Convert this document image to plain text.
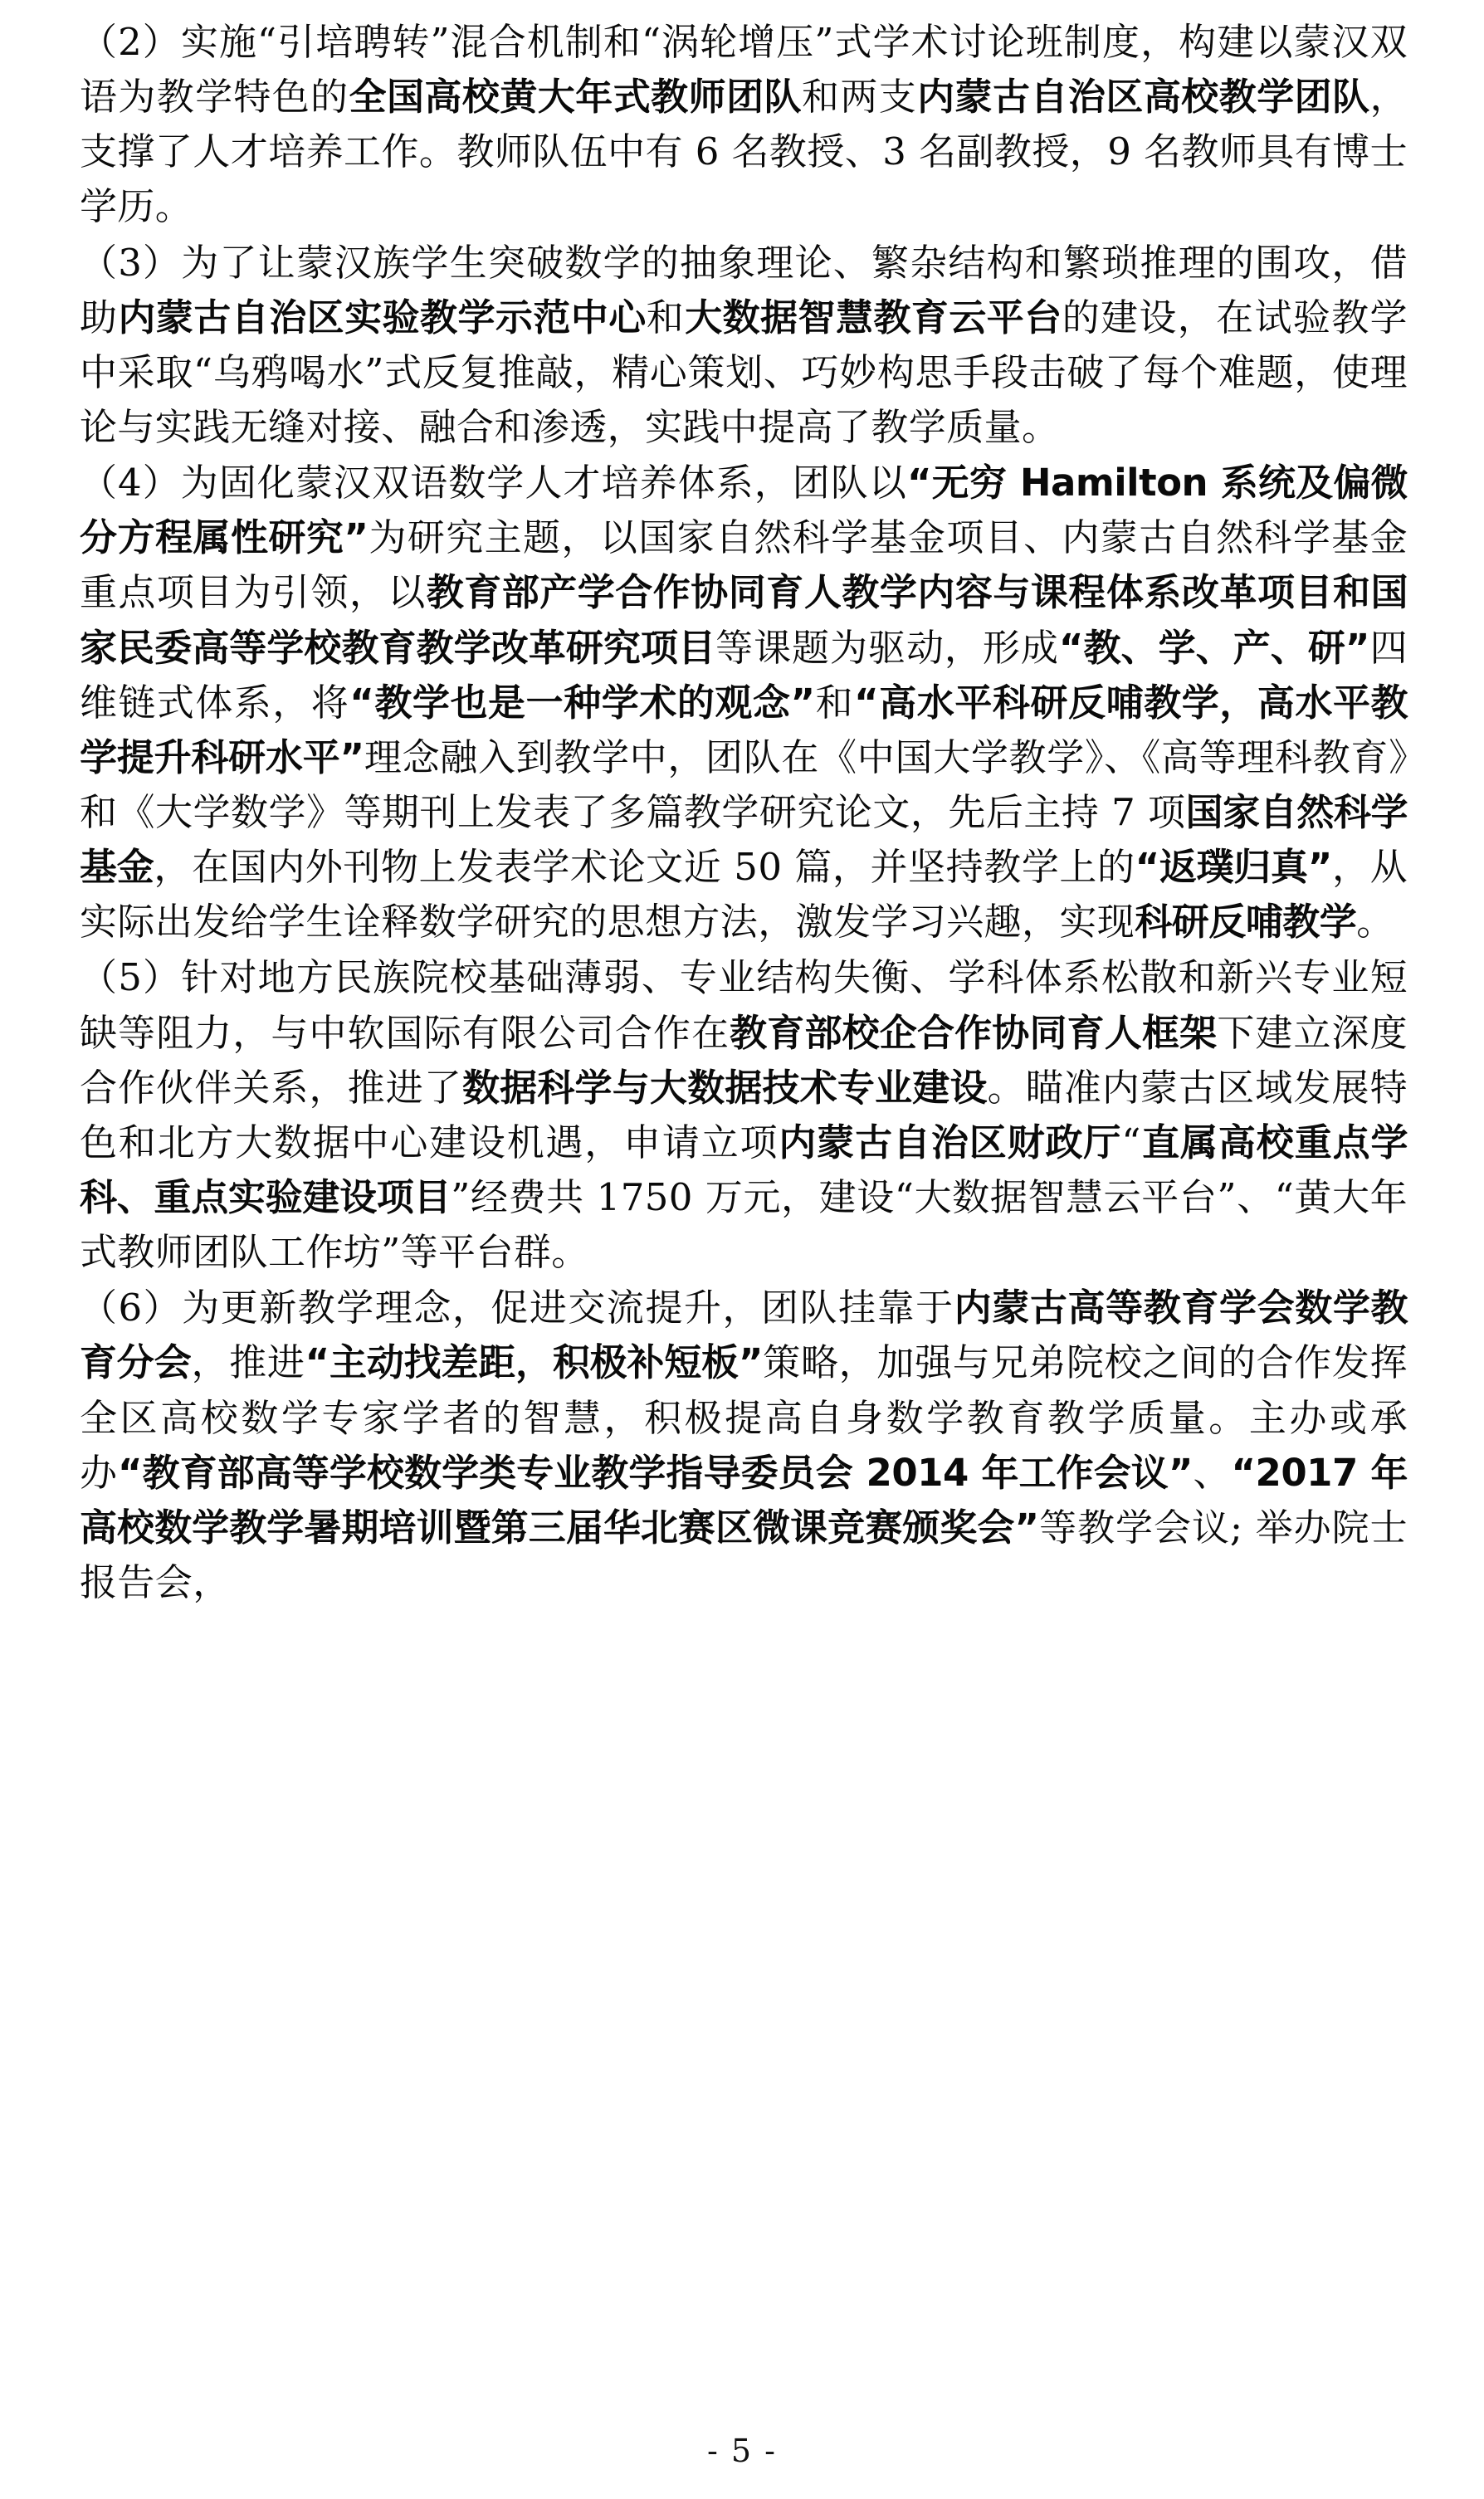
（2）实施“引培聘转”混合机制和“涡轮增压”式学术讨论班制度，构建以蒙汉双语为教学特色的全国高校黄大年式教师团队和两支内蒙古自治区高校教学团队，支撑了人才培养工作。教师队伍中有 6 名教授、3 名副教授，9 名教师具有博士学历。

（3）为了让蒙汉族学生突破数学的抽象理论、繁杂结构和繁琐推理的围攻，借助内蒙古自治区实验教学示范中心和大数据智慧教育云平台的建设，在试验教学中采取“乌鸦喝水”式反复推敲，精心策划、巧妙构思手段击破了每个难题，使理论与实践无缝对接、融合和渗透，实践中提高了教学质量。

（4）为固化蒙汉双语数学人才培养体系，团队以“无穷 Hamilton 系统及偏微分方程属性研究”为研究主题，以国家自然科学基金项目、内蒙古自然科学基金重点项目为引领，以教育部产学合作协同育人教学内容与课程体系改革项目和国家民委高等学校教育教学改革研究项目等课题为驱动，形成“教、学、产、研”四维链式体系，将“教学也是一种学术的观念”和“高水平科研反哺教学，高水平教学提升科研水平”理念融入到教学中，团队在《中国大学教学》、《高等理科教育》和《大学数学》等期刊上发表了多篇教学研究论文，先后主持 7 项国家自然科学基金，在国内外刊物上发表学术论文近 50 篇，并坚持教学上的“返璞归真”，从实际出发给学生诠释数学研究的思想方法，激发学习兴趣，实现科研反哺教学。

（5）针对地方民族院校基础薄弱、专业结构失衡、学科体系松散和新兴专业短缺等阻力，与中软国际有限公司合作在教育部校企合作协同育人框架下建立深度合作伙伴关系，推进了数据科学与大数据技术专业建设。瞄准内蒙古区域发展特色和北方大数据中心建设机遇，申请立项内蒙古自治区财政厅“直属高校重点学科、重点实验建设项目”经费共 1750 万元，建设“大数据智慧云平台”、“黄大年式教师团队工作坊”等平台群。

（6）为更新教学理念，促进交流提升，团队挂靠于内蒙古高等教育学会数学教育分会，推进“主动找差距，积极补短板”策略，加强与兄弟院校之间的合作发挥全区高校数学专家学者的智慧，积极提高自身数学教育教学质量。主办或承办“教育部高等学校数学类专业教学指导委员会 2014 年工作会议”、“2017 年高校数学教学暑期培训暨第三届华北赛区微课竞赛颁奖会”等教学会议; 举办院士报告会，

- 5 -
